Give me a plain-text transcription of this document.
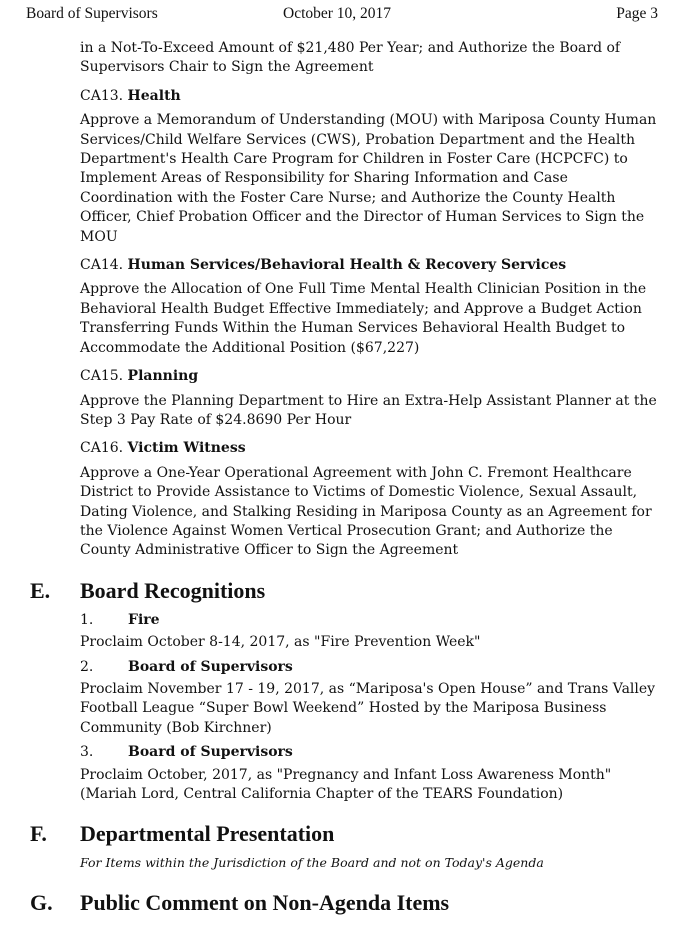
Board of Supervisors	October 10, 2017	Page 3

in a Not-To-Exceed Amount of $21,480 Per Year; and Authorize the Board of Supervisors Chair to Sign the Agreement

CA13. Health

Approve a Memorandum of Understanding (MOU) with Mariposa County Human Services/Child Welfare Services (CWS), Probation Department and the Health Department's Health Care Program for Children in Foster Care (HCPCFC) to Implement Areas of Responsibility for Sharing Information and Case Coordination with the Foster Care Nurse; and Authorize the County Health Officer, Chief Probation Officer and the Director of Human Services to Sign the MOU

CA14. Human Services/Behavioral Health & Recovery Services

Approve the Allocation of One Full Time Mental Health Clinician Position in the Behavioral Health Budget Effective Immediately; and Approve a Budget Action Transferring Funds Within the Human Services Behavioral Health Budget to Accommodate the Additional Position ($67,227)

CA15. Planning

Approve the Planning Department to Hire an Extra-Help Assistant Planner at the Step 3 Pay Rate of $24.8690 Per Hour

CA16. Victim Witness

Approve a One-Year Operational Agreement with John C. Fremont Healthcare District to Provide Assistance to Victims of Domestic Violence, Sexual Assault, Dating Violence, and Stalking Residing in Mariposa County as an Agreement for the Violence Against Women Vertical Prosecution Grant; and Authorize the County Administrative Officer to Sign the Agreement

E. Board Recognitions

1. Fire

Proclaim October 8-14, 2017, as "Fire Prevention Week"

2. Board of Supervisors

Proclaim November 17 - 19, 2017, as “Mariposa's Open House” and Trans Valley Football League “Super Bowl Weekend” Hosted by the Mariposa Business Community (Bob Kirchner)

3. Board of Supervisors

Proclaim October, 2017, as "Pregnancy and Infant Loss Awareness Month" (Mariah Lord, Central California Chapter of the TEARS Foundation)

F. Departmental Presentation

For Items within the Jurisdiction of the Board and not on Today's Agenda

G. Public Comment on Non-Agenda Items
